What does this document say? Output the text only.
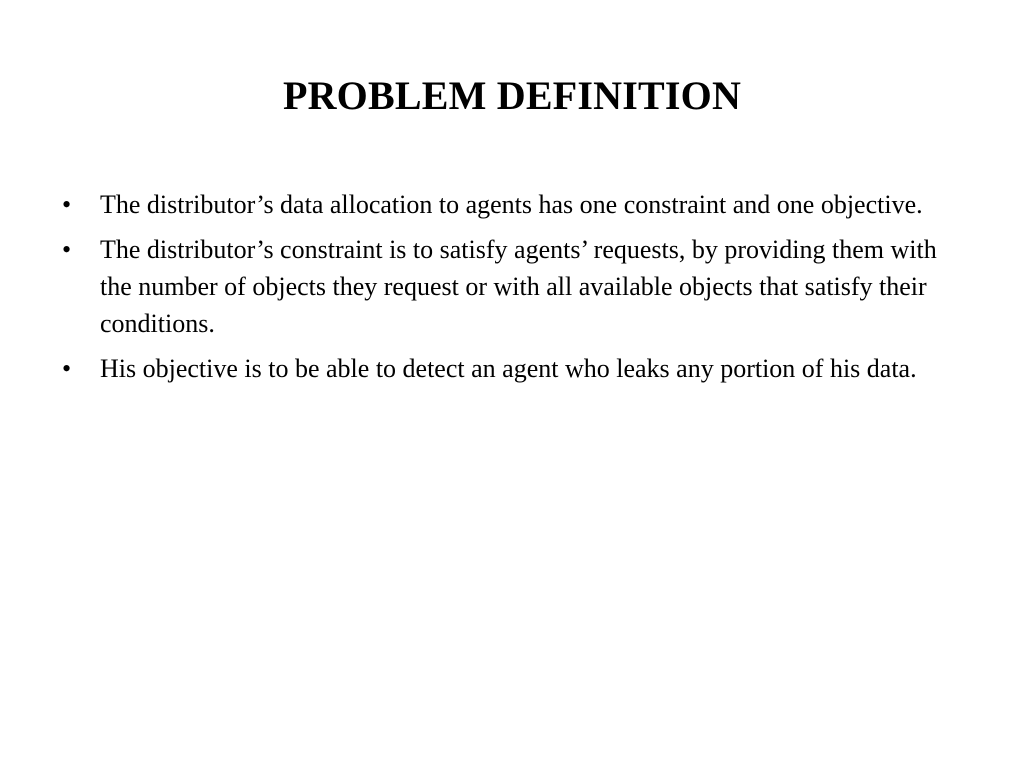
PROBLEM DEFINITION
•	The distributor’s data allocation to agents has one constraint and one objective.
•	The distributor’s constraint is to satisfy agents’ requests, by providing them with the number of objects they request or with all available objects that satisfy their conditions.
•	His objective is to be able to detect an agent who leaks any portion of his data.
